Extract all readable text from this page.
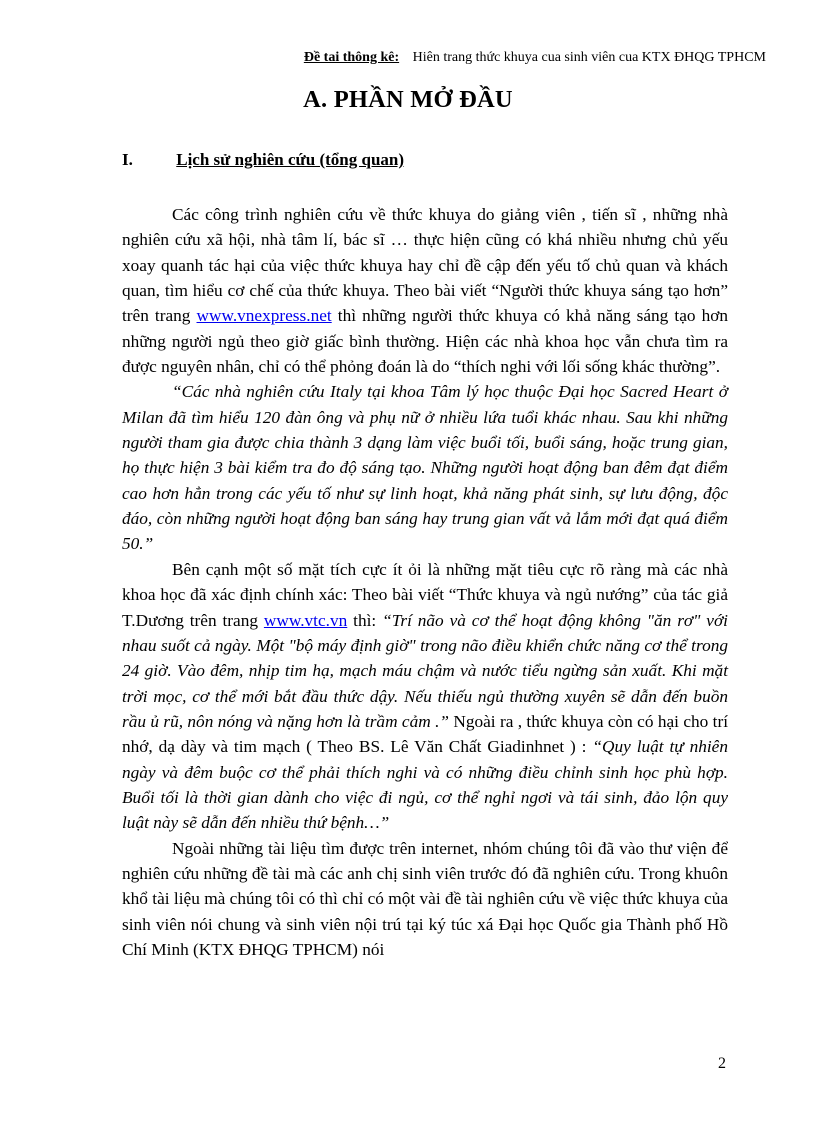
Đề tai thông kê: Hiên trang thức khuya cua sinh viên cua KTX ĐHQG TPHCM
A. PHẦN MỞ ĐẦU
I.	Lịch sử nghiên cứu (tổng quan)

Các công trình nghiên cứu về thức khuya do giảng viên , tiến sĩ , những nhà nghiên cứu xã hội, nhà tâm lí, bác sĩ … thực hiện cũng có khá nhiều nhưng chủ yếu xoay quanh tác hại của việc thức khuya hay chỉ đề cập đến yếu tố chủ quan và khách quan, tìm hiểu cơ chế của thức khuya. Theo bài viết “Người thức khuya sáng tạo hơn” trên trang www.vnexpress.net thì những người thức khuya có khả năng sáng tạo hơn những người ngủ theo giờ giấc bình thường. Hiện các nhà khoa học vẫn chưa tìm ra được nguyên nhân, chỉ có thể phỏng đoán là do “thích nghi với lối sống khác thường”.

“Các nhà nghiên cứu Italy tại khoa Tâm lý học thuộc Đại học Sacred Heart ở Milan đã tìm hiểu 120 đàn ông và phụ nữ ở nhiều lứa tuổi khác nhau. Sau khi những người tham gia được chia thành 3 dạng làm việc buổi tối, buổi sáng, hoặc trung gian, họ thực hiện 3 bài kiểm tra đo độ sáng tạo. Những người hoạt động ban đêm đạt điểm cao hơn hẳn trong các yếu tố như sự linh hoạt, khả năng phát sinh, sự lưu động, độc đáo, còn những người hoạt động ban sáng hay trung gian vất vả lắm mới đạt quá điểm 50.”

Bên cạnh một số mặt tích cực ít ỏi là những mặt tiêu cực rõ ràng mà các nhà khoa học đã xác định chính xác: Theo bài viết “Thức khuya và ngủ nướng” của tác giả T.Dương trên trang www.vtc.vn thì: “Trí não và cơ thể hoạt động không "ăn rơ" với nhau suốt cả ngày. Một "bộ máy định giờ" trong não điều khiển chức năng cơ thể trong 24 giờ. Vào đêm, nhịp tim hạ, mạch máu chậm và nước tiểu ngừng sản xuất. Khi mặt trời mọc, cơ thể mới bắt đầu thức dậy. Nếu thiếu ngủ thường xuyên sẽ dẫn đến buồn rầu ủ rũ, nôn nóng và nặng hơn là trầm cảm .” Ngoài ra , thức khuya còn có hại cho trí nhớ, dạ dày và tim mạch ( Theo BS. Lê Văn Chất Giadinhnet ) : “Quy luật tự nhiên ngày và đêm buộc cơ thể phải thích nghi và có những điều chỉnh sinh học phù hợp. Buổi tối là thời gian dành cho việc đi ngủ, cơ thể nghỉ ngơi và tái sinh, đảo lộn quy luật này sẽ dẫn đến nhiều thứ bệnh…”

Ngoài những tài liệu tìm được trên internet, nhóm chúng tôi đã vào thư viện để nghiên cứu những đề tài mà các anh chị sinh viên trước đó đã nghiên cứu. Trong khuôn khổ tài liệu mà chúng tôi có thì chỉ có một vài đề tài nghiên cứu về việc thức khuya của sinh viên nói chung và sinh viên nội trú tại ký túc xá Đại học Quốc gia Thành phố Hồ Chí Minh (KTX ĐHQG TPHCM) nói

2
